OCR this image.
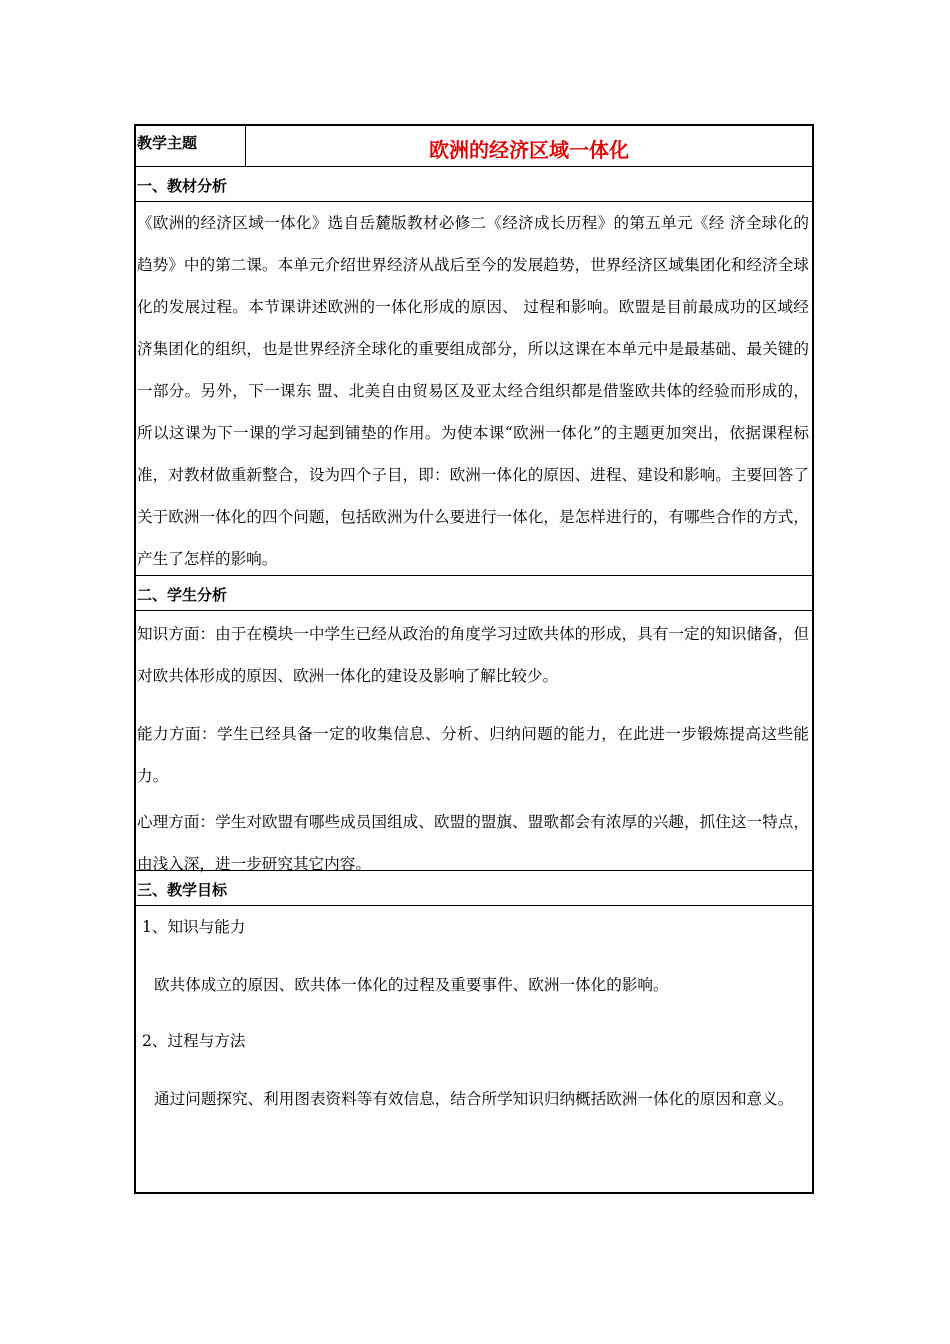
教学主题	欧洲的经济区域一体化
一、教材分析

《欧洲的经济区域一体化》选自岳麓版教材必修二《经济成长历程》的第五单元《经 济全球化的趋势》中的第二课。本单元介绍世界经济从战后至今的发展趋势，世界经济区域集团化和经济全球化的发展过程。本节课讲述欧洲的一体化形成的原因、 过程和影响。欧盟是目前最成功的区域经济集团化的组织，也是世界经济全球化的重要组成部分，所以这课在本单元中是最基础、最关键的一部分。另外，下一课东 盟、北美自由贸易区及亚太经合组织都是借鉴欧共体的经验而形成的，所以这课为下一课的学习起到铺垫的作用。为使本课“欧洲一体化”的主题更加突出，依据课程标准，对教材做重新整合，设为四个子目，即：欧洲一体化的原因、进程、建设和影响。主要回答了关于欧洲一体化的四个问题，包括欧洲为什么要进行一体化，是怎样进行的，有哪些合作的方式，产生了怎样的影响。

二、学生分析

知识方面：由于在模块一中学生已经从政治的角度学习过欧共体的形成，具有一定的知识储备，但对欧共体形成的原因、欧洲一体化的建设及影响了解比较少。

能力方面：学生已经具备一定的收集信息、分析、归纳问题的能力，在此进一步锻炼提高这些能力。

心理方面：学生对欧盟有哪些成员国组成、欧盟的盟旗、盟歌都会有浓厚的兴趣，抓住这一特点，由浅入深，进一步研究其它内容。

三、教学目标

1、知识与能力

欧共体成立的原因、欧共体一体化的过程及重要事件、欧洲一体化的影响。

2、过程与方法

通过问题探究、利用图表资料等有效信息，结合所学知识归纳概括欧洲一体化的原因和意义。
